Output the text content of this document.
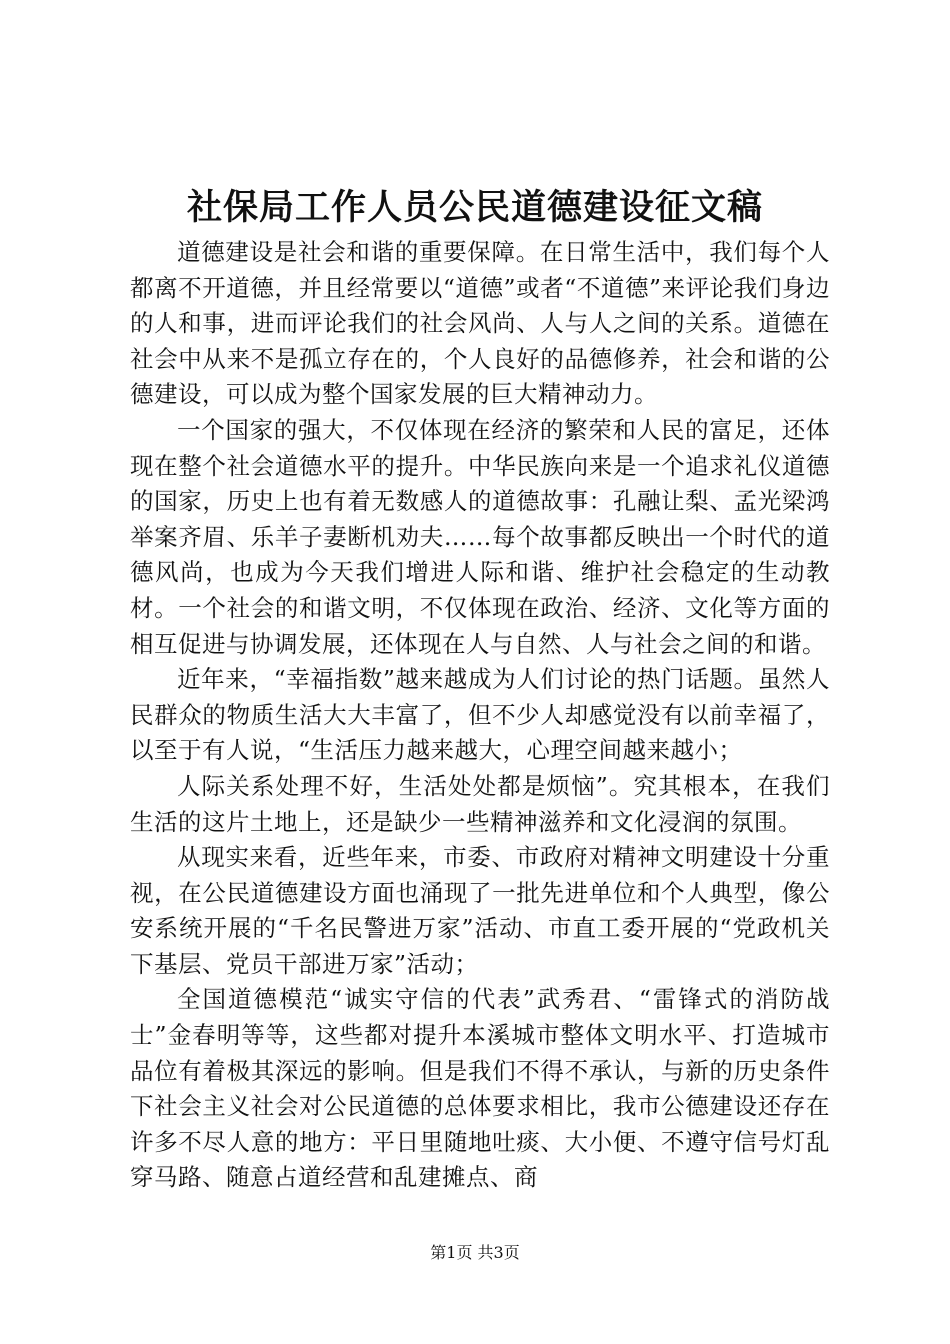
社保局工作人员公民道德建设征文稿

道德建设是社会和谐的重要保障。在日常生活中，我们每个人都离不开道德，并且经常要以“道德”或者“不道德”来评论我们身边的人和事，进而评论我们的社会风尚、人与人之间的关系。道德在社会中从来不是孤立存在的，个人良好的品德修养，社会和谐的公德建设，可以成为整个国家发展的巨大精神动力。

一个国家的强大，不仅体现在经济的繁荣和人民的富足，还体现在整个社会道德水平的提升。中华民族向来是一个追求礼仪道德的国家，历史上也有着无数感人的道德故事：孔融让梨、孟光梁鸿举案齐眉、乐羊子妻断机劝夫……每个故事都反映出一个时代的道德风尚，也成为今天我们增进人际和谐、维护社会稳定的生动教材。一个社会的和谐文明，不仅体现在政治、经济、文化等方面的相互促进与协调发展，还体现在人与自然、人与社会之间的和谐。

近年来，“幸福指数”越来越成为人们讨论的热门话题。虽然人民群众的物质生活大大丰富了，但不少人却感觉没有以前幸福了，以至于有人说，“生活压力越来越大，心理空间越来越小；

人际关系处理不好，生活处处都是烦恼”。究其根本，在我们生活的这片土地上，还是缺少一些精神滋养和文化浸润的氛围。

从现实来看，近些年来，市委、市政府对精神文明建设十分重视，在公民道德建设方面也涌现了一批先进单位和个人典型，像公安系统开展的“千名民警进万家”活动、市直工委开展的“党政机关下基层、党员干部进万家”活动；

全国道德模范“诚实守信的代表”武秀君、“雷锋式的消防战士”金春明等等，这些都对提升本溪城市整体文明水平、打造城市品位有着极其深远的影响。但是我们不得不承认，与新的历史条件下社会主义社会对公民道德的总体要求相比，我市公德建设还存在许多不尽人意的地方：平日里随地吐痰、大小便、不遵守信号灯乱穿马路、随意占道经营和乱建摊点、商

第1页 共3页
